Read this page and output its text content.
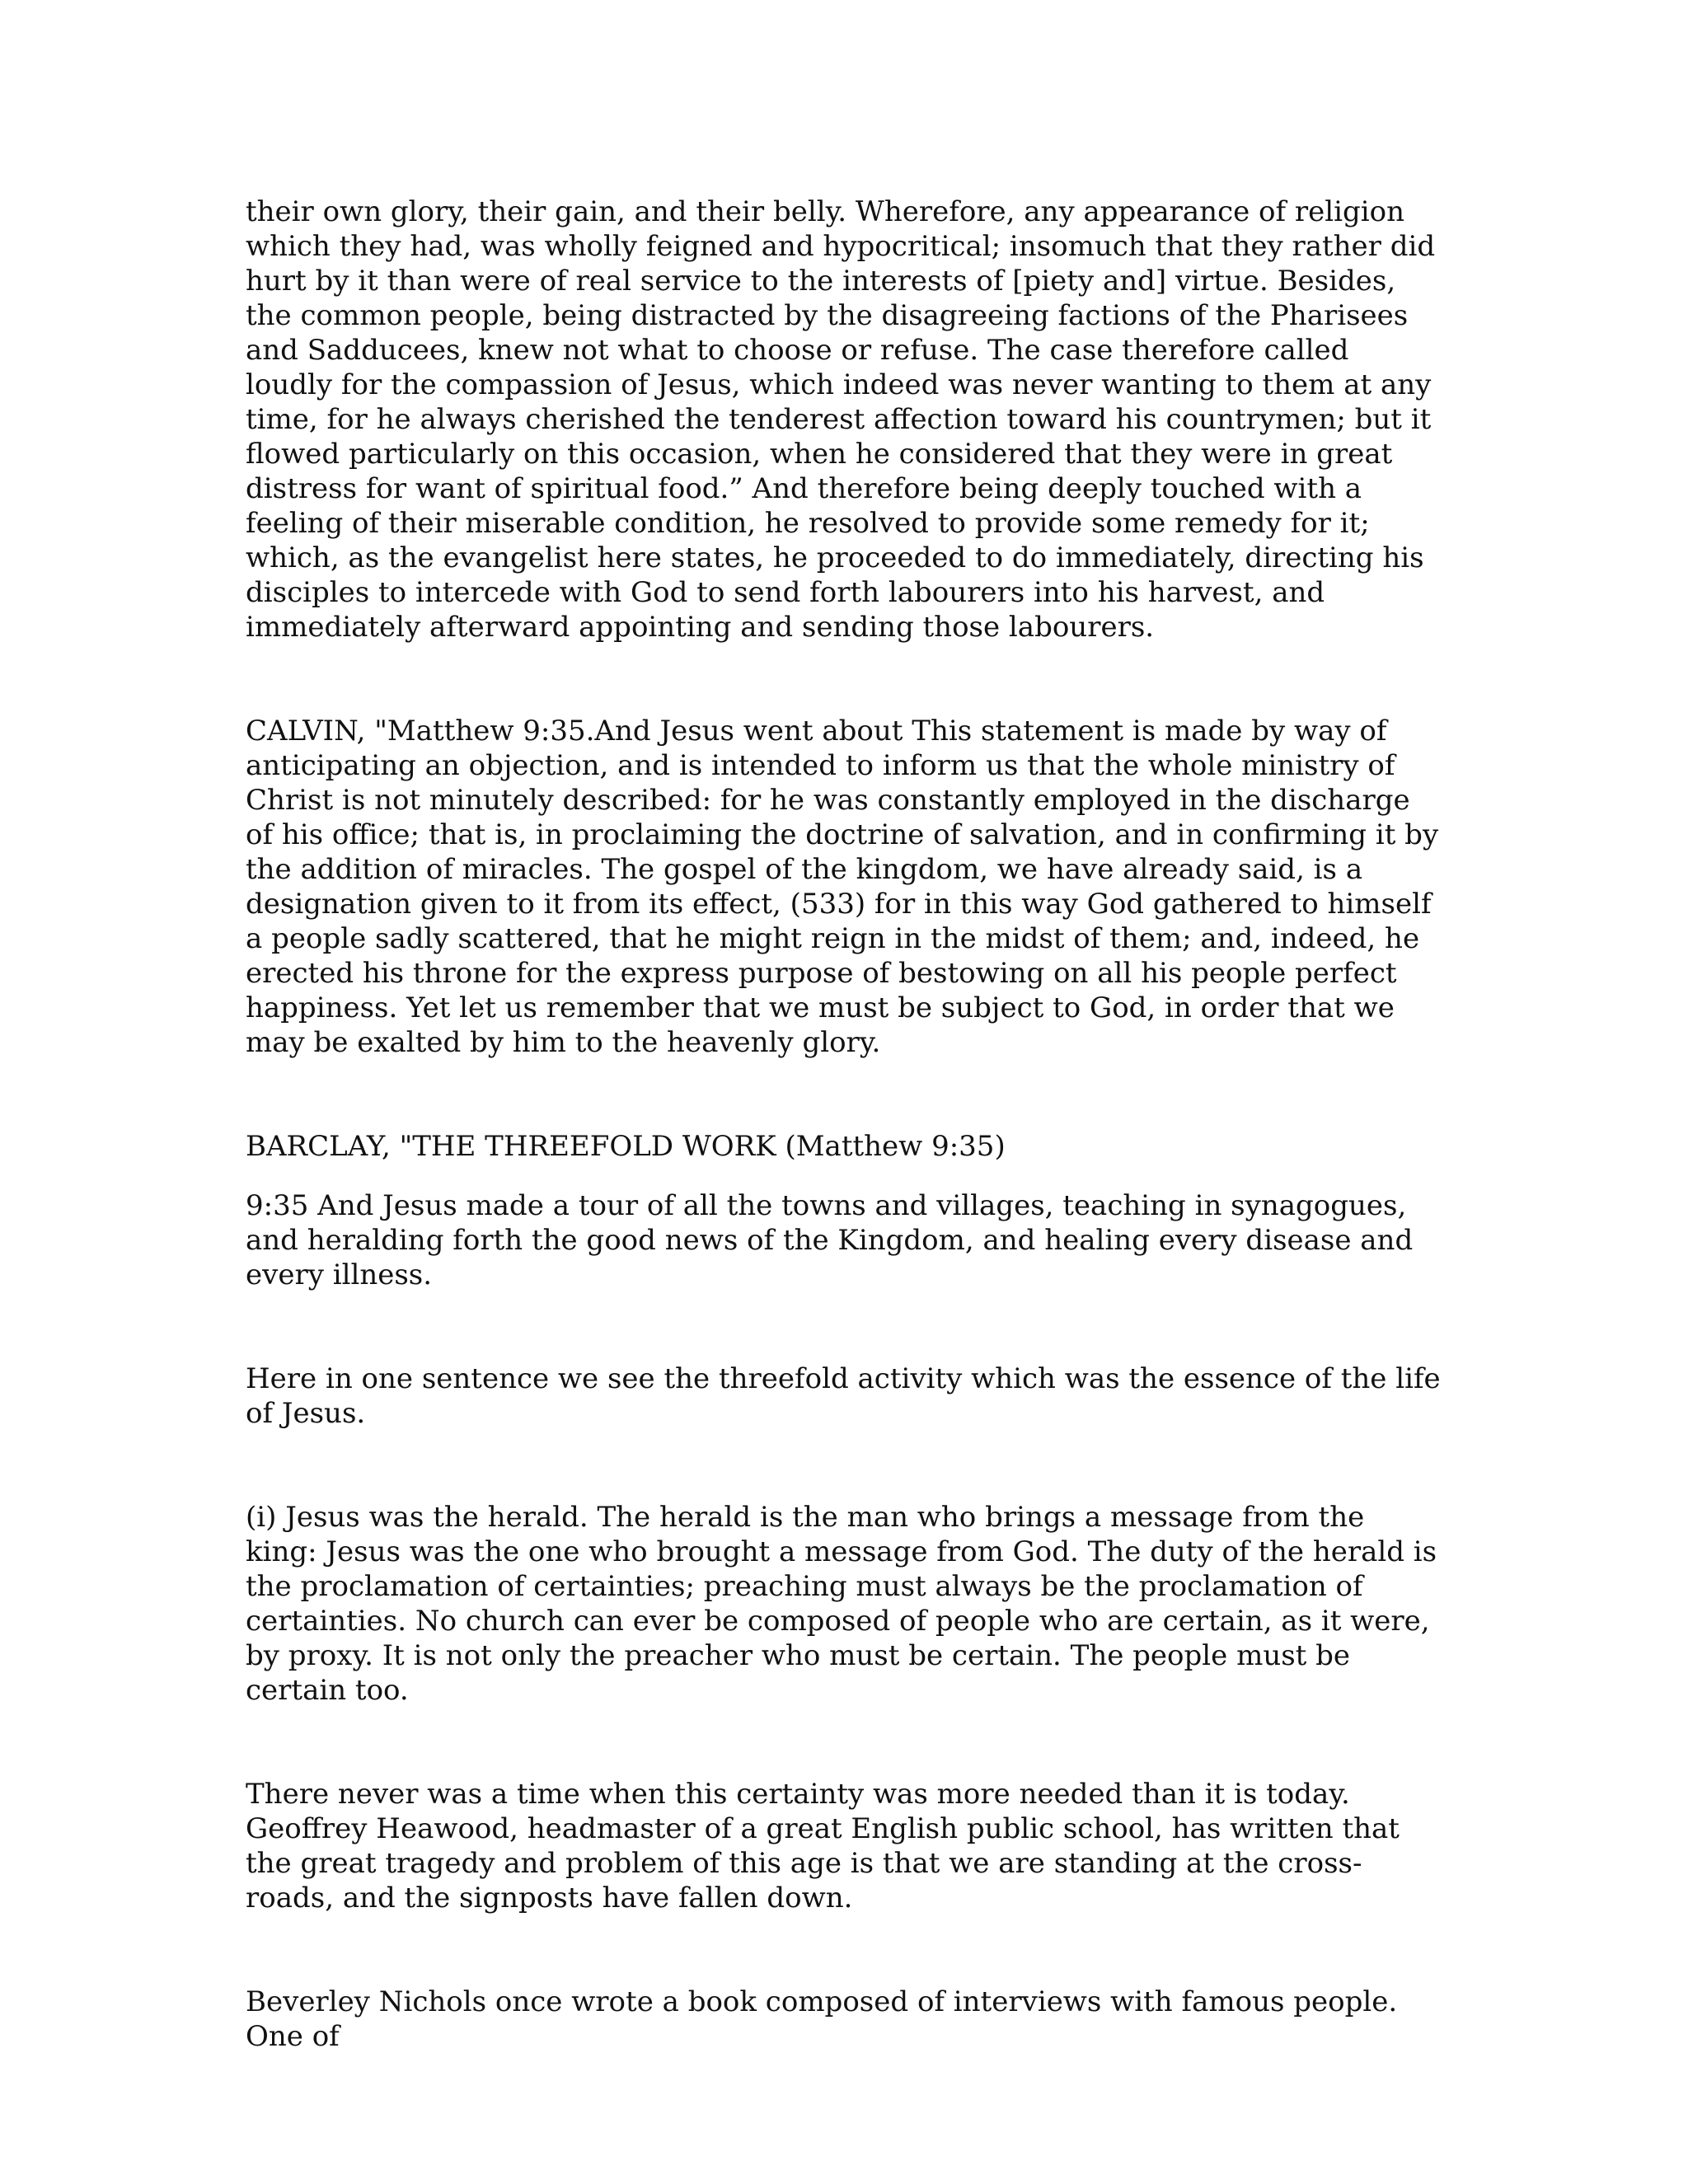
their own glory, their gain, and their belly. Wherefore, any appearance of religion which they had, was wholly feigned and hypocritical; insomuch that they rather did hurt by it than were of real service to the interests of [piety and] virtue. Besides, the common people, being distracted by the disagreeing factions of the Pharisees and Sadducees, knew not what to choose or refuse. The case therefore called loudly for the compassion of Jesus, which indeed was never wanting to them at any time, for he always cherished the tenderest affection toward his countrymen; but it flowed particularly on this occasion, when he considered that they were in great distress for want of spiritual food.” And therefore being deeply touched with a feeling of their miserable condition, he resolved to provide some remedy for it; which, as the evangelist here states, he proceeded to do immediately, directing his disciples to intercede with God to send forth labourers into his harvest, and immediately afterward appointing and sending those labourers.

CALVIN, "Matthew 9:35.And Jesus went about This statement is made by way of anticipating an objection, and is intended to inform us that the whole ministry of Christ is not minutely described: for he was constantly employed in the discharge of his office; that is, in proclaiming the doctrine of salvation, and in confirming it by the addition of miracles. The gospel of the kingdom, we have already said, is a designation given to it from its effect, (533) for in this way God gathered to himself a people sadly scattered, that he might reign in the midst of them; and, indeed, he erected his throne for the express purpose of bestowing on all his people perfect happiness. Yet let us remember that we must be subject to God, in order that we may be exalted by him to the heavenly glory.

BARCLAY, "THE THREEFOLD WORK (Matthew 9:35)

9:35 And Jesus made a tour of all the towns and villages, teaching in synagogues, and heralding forth the good news of the Kingdom, and healing every disease and every illness.

Here in one sentence we see the threefold activity which was the essence of the life of Jesus.

(i) Jesus was the herald. The herald is the man who brings a message from the king: Jesus was the one who brought a message from God. The duty of the herald is the proclamation of certainties; preaching must always be the proclamation of certainties. No church can ever be composed of people who are certain, as it were, by proxy. It is not only the preacher who must be certain. The people must be certain too.

There never was a time when this certainty was more needed than it is today. Geoffrey Heawood, headmaster of a great English public school, has written that the great tragedy and problem of this age is that we are standing at the cross-roads, and the signposts have fallen down.

Beverley Nichols once wrote a book composed of interviews with famous people. One of
